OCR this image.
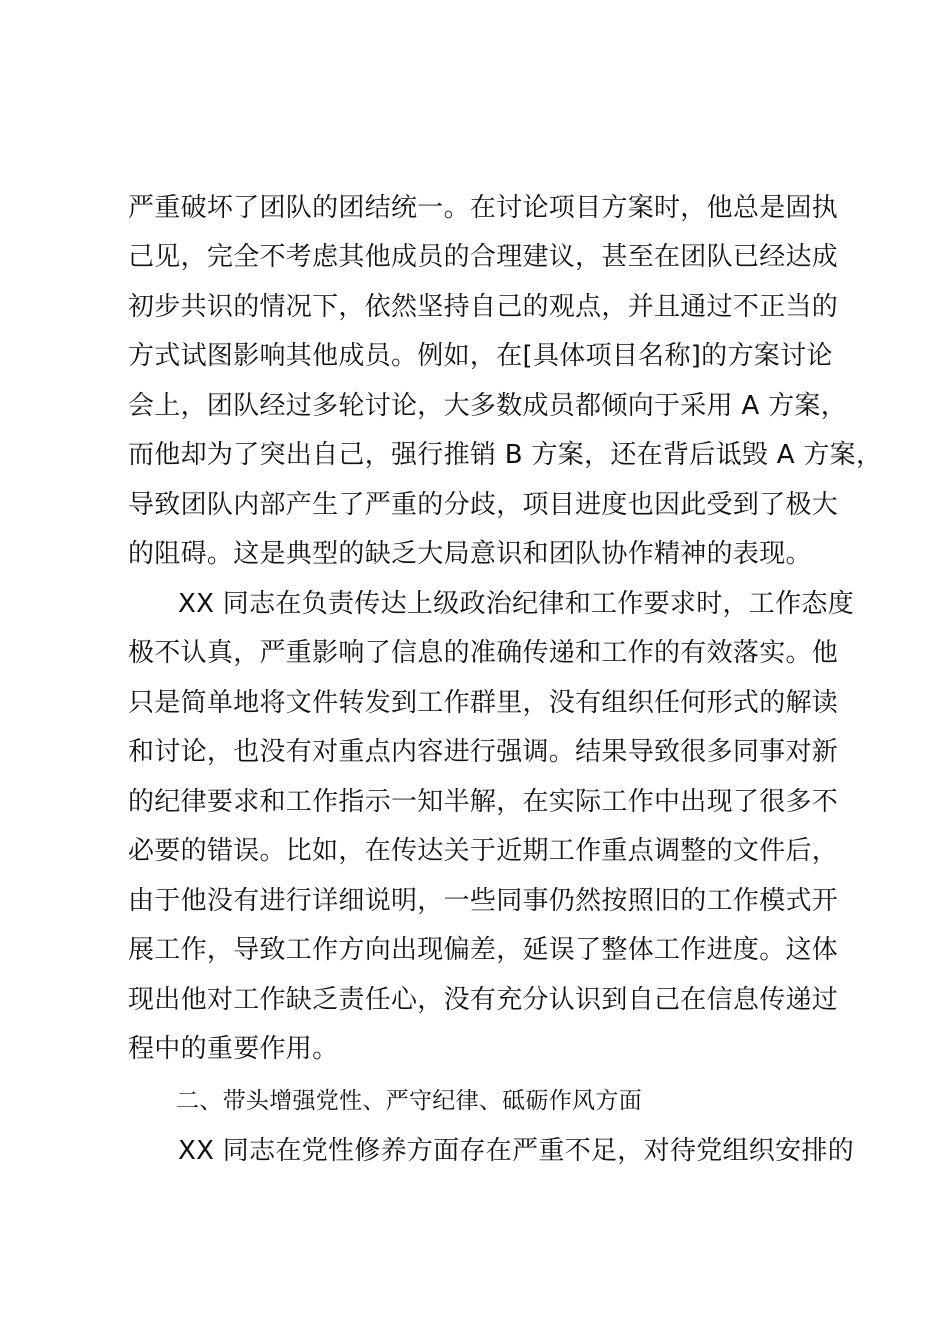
严重破坏了团队的团结统一。在讨论项目方案时，他总是固执
己见，完全不考虑其他成员的合理建议，甚至在团队已经达成
初步共识的情况下，依然坚持自己的观点，并且通过不正当的
方式试图影响其他成员。例如，在[具体项目名称]的方案讨论
会上，团队经过多轮讨论，大多数成员都倾向于采用 A 方案，
而他却为了突出自己，强行推销 B 方案，还在背后诋毁 A 方案，
导致团队内部产生了严重的分歧，项目进度也因此受到了极大
的阻碍。这是典型的缺乏大局意识和团队协作精神的表现。
XX 同志在负责传达上级政治纪律和工作要求时，工作态度
极不认真，严重影响了信息的准确传递和工作的有效落实。他
只是简单地将文件转发到工作群里，没有组织任何形式的解读
和讨论，也没有对重点内容进行强调。结果导致很多同事对新
的纪律要求和工作指示一知半解，在实际工作中出现了很多不
必要的错误。比如，在传达关于近期工作重点调整的文件后，
由于他没有进行详细说明，一些同事仍然按照旧的工作模式开
展工作，导致工作方向出现偏差，延误了整体工作进度。这体
现出他对工作缺乏责任心，没有充分认识到自己在信息传递过
程中的重要作用。
二、带头增强党性、严守纪律、砥砺作风方面
XX 同志在党性修养方面存在严重不足，对待党组织安排的
